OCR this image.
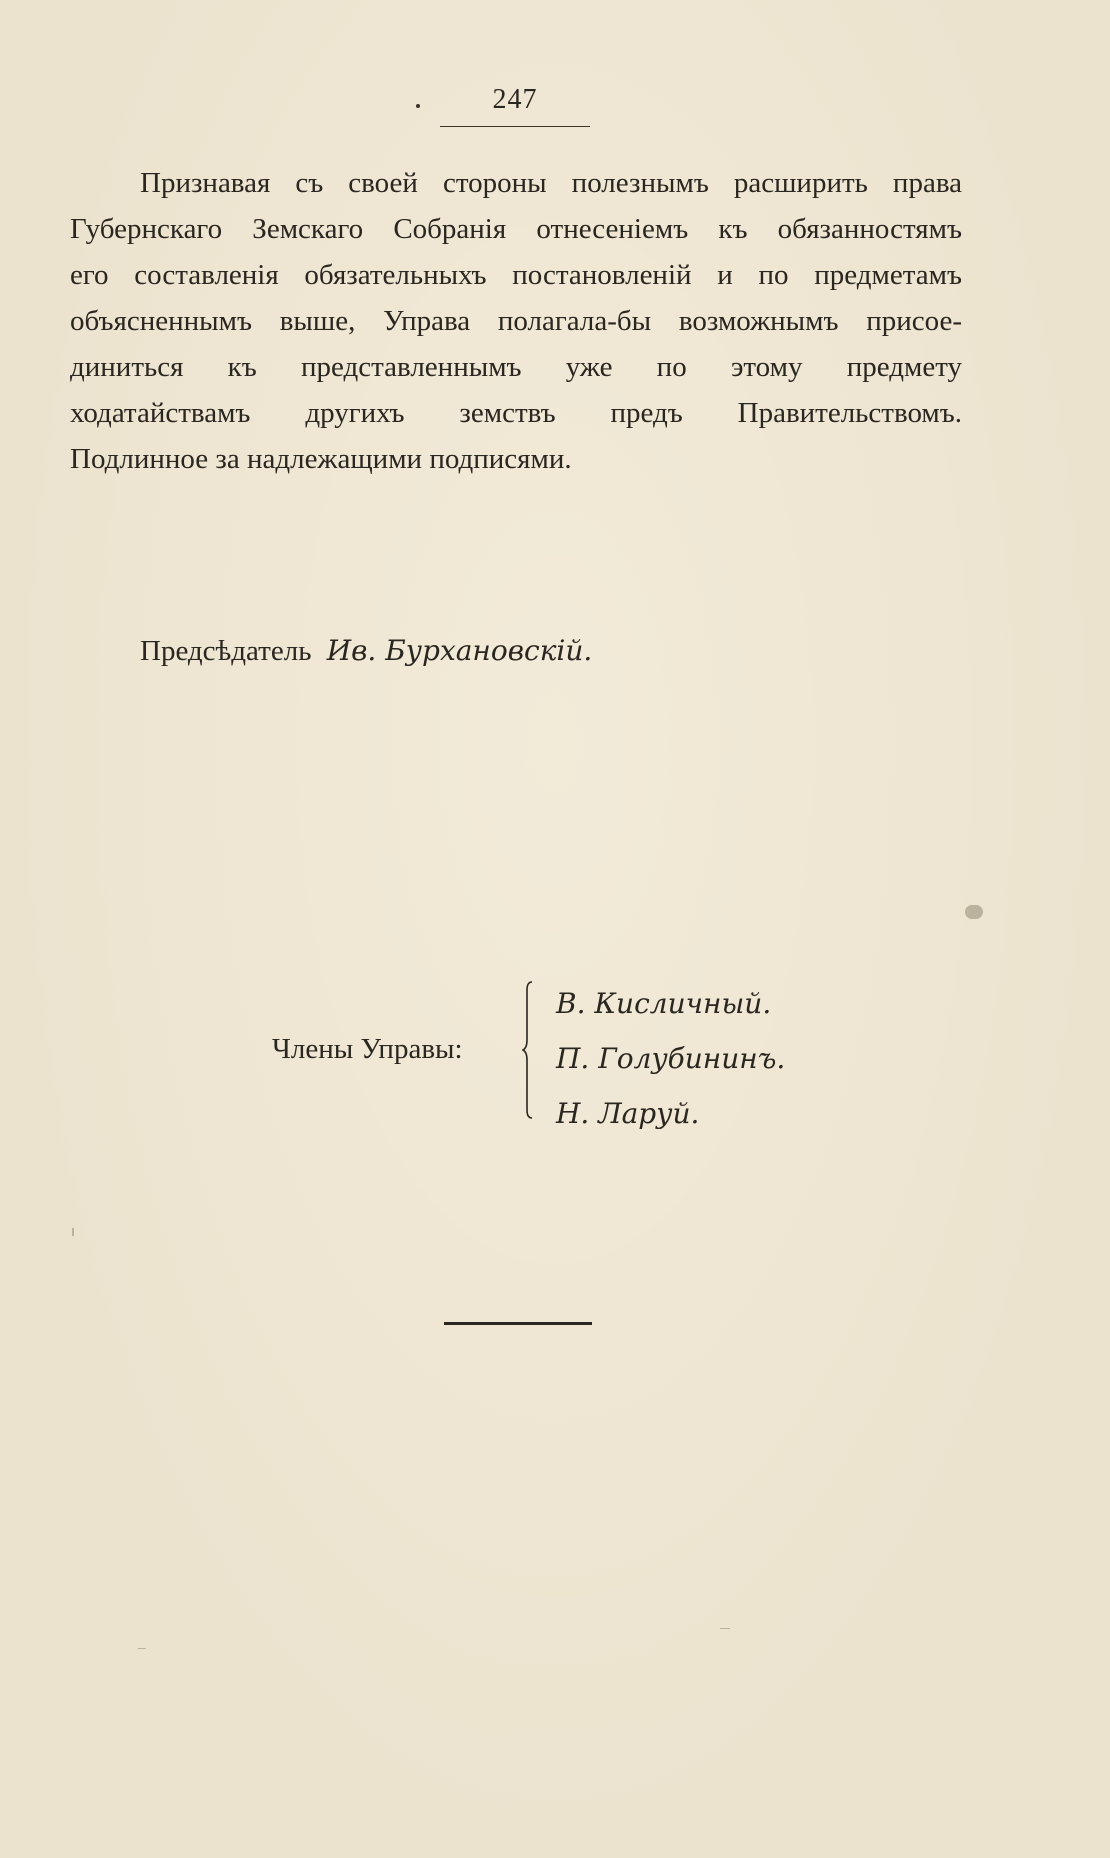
247
Признавая съ своей стороны полезнымъ расширить права
Губернскаго Земскаго Собранія отнесеніемъ къ обязанностямъ
его составленія обязательныхъ постановленій и по предметамъ
объясненнымъ выше, Управа полагала-бы возможнымъ присое-
диниться къ представленнымъ уже по этому предмету
ходатайствамъ другихъ земствъ предъ Правительствомъ.
Подлинное за надлежащими подписями.
Предсѣдатель Ив. Бурхановскій.
Члены Управы:
В. Кисличный.
П. Голубининъ.
Н. Ларуй.
